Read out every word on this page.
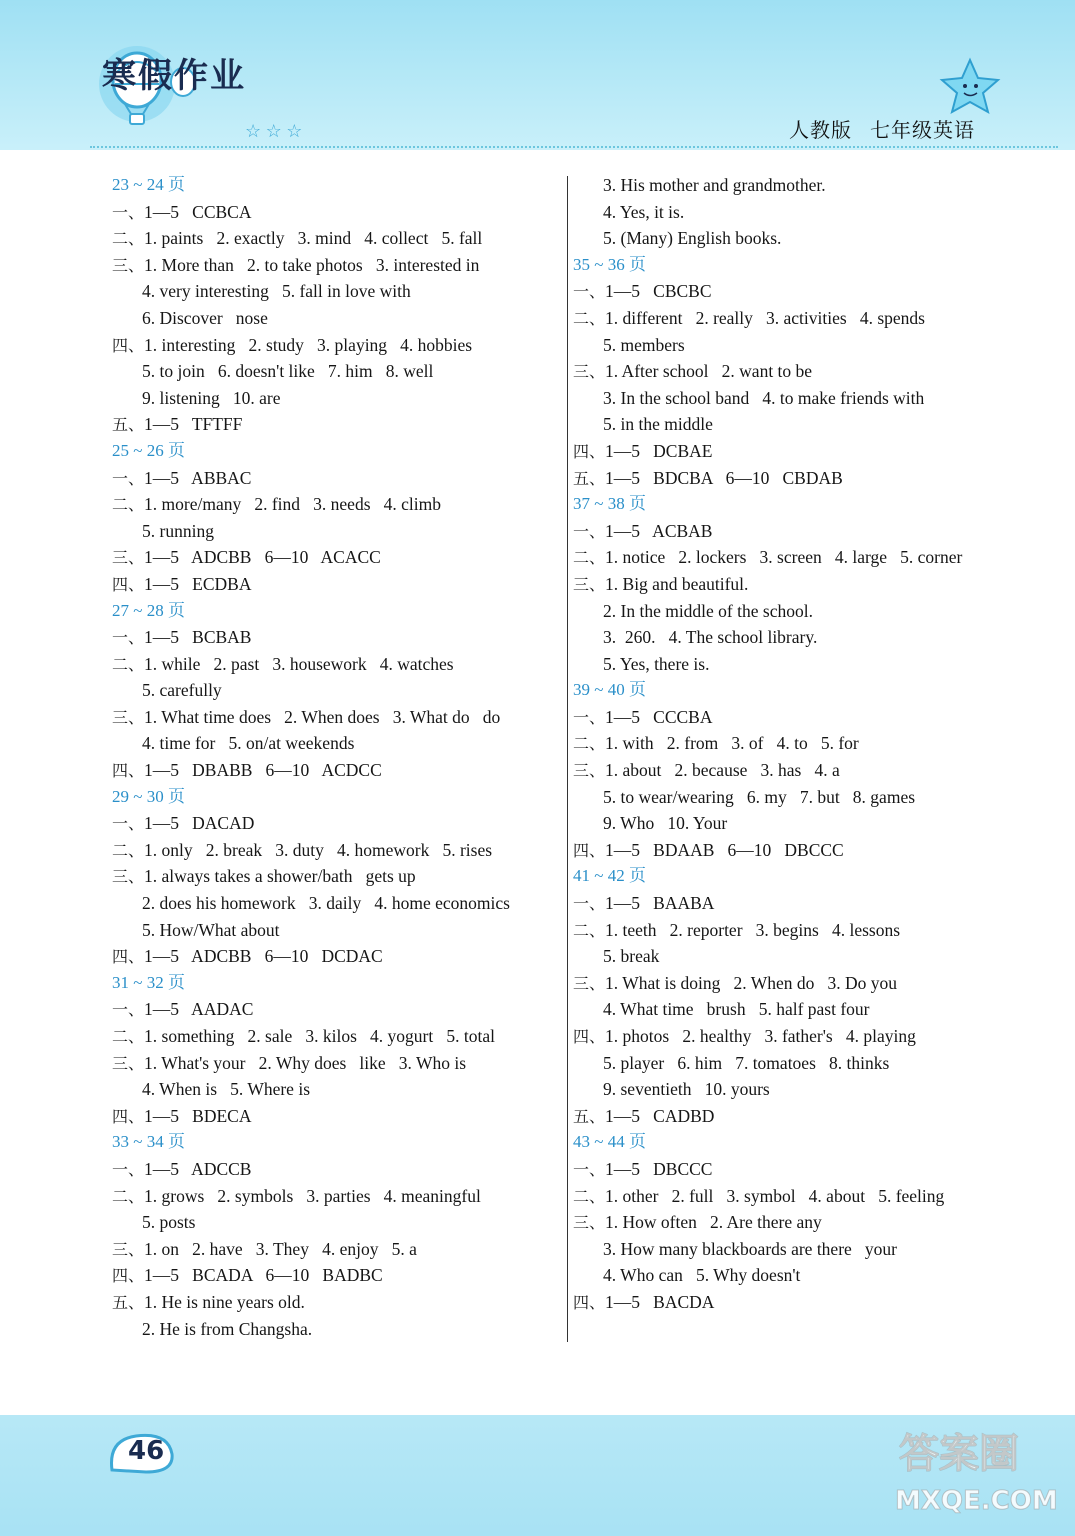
☆ ☆ ☆
寒假作业
人教版 七年级英语
23 ~ 24 页
一、1—5   CCBCA
二、1. paints   2. exactly   3. mind   4. collect   5. fall
三、1. More than   2. to take photos   3. interested in
4. very interesting   5. fall in love with
6. Discover   nose
四、1. interesting   2. study   3. playing   4. hobbies
5. to join   6. doesn't like   7. him   8. well
9. listening   10. are
五、1—5   TFTFF
25 ~ 26 页
一、1—5   ABBAC
二、1. more/many   2. find   3. needs   4. climb
5. running
三、1—5   ADCBB   6—10   ACACC
四、1—5   ECDBA
27 ~ 28 页
一、1—5   BCBAB
二、1. while   2. past   3. housework   4. watches
5. carefully
三、1. What time does   2. When does   3. What do   do
4. time for   5. on/at weekends
四、1—5   DBABB   6—10   ACDCC
29 ~ 30 页
一、1—5   DACAD
二、1. only   2. break   3. duty   4. homework   5. rises
三、1. always takes a shower/bath   gets up
2. does his homework   3. daily   4. home economics
5. How/What about
四、1—5   ADCBB   6—10   DCDAC
31 ~ 32 页
一、1—5   AADAC
二、1. something   2. sale   3. kilos   4. yogurt   5. total
三、1. What's your   2. Why does   like   3. Who is
4. When is   5. Where is
四、1—5   BDECA
33 ~ 34 页
一、1—5   ADCCB
二、1. grows   2. symbols   3. parties   4. meaningful
5. posts
三、1. on   2. have   3. They   4. enjoy   5. a
四、1—5   BCADA   6—10   BADBC
五、1. He is nine years old.
2. He is from Changsha.
3. His mother and grandmother.
4. Yes, it is.
5. (Many) English books.
35 ~ 36 页
一、1—5   CBCBC
二、1. different   2. really   3. activities   4. spends
5. members
三、1. After school   2. want to be
3. In the school band   4. to make friends with
5. in the middle
四、1—5   DCBAE
五、1—5   BDCBA   6—10   CBDAB
37 ~ 38 页
一、1—5   ACBAB
二、1. notice   2. lockers   3. screen   4. large   5. corner
三、1. Big and beautiful.
2. In the middle of the school.
3.  260.   4. The school library.
5. Yes, there is.
39 ~ 40 页
一、1—5   CCCBA
二、1. with   2. from   3. of   4. to   5. for
三、1. about   2. because   3. has   4. a
5. to wear/wearing   6. my   7. but   8. games
9. Who   10. Your
四、1—5   BDAAB   6—10   DBCCC
41 ~ 42 页
一、1—5   BAABA
二、1. teeth   2. reporter   3. begins   4. lessons
5. break
三、1. What is doing   2. When do   3. Do you
4. What time   brush   5. half past four
四、1. photos   2. healthy   3. father's   4. playing
5. player   6. him   7. tomatoes   8. thinks
9. seventieth   10. yours
五、1—5   CADBD
43 ~ 44 页
一、1—5   DBCCC
二、1. other   2. full   3. symbol   4. about   5. feeling
三、1. How often   2. Are there any
3. How many blackboards are there   your
4. Who can   5. Why doesn't
四、1—5   BACDA
46	答案圈
MXQE.COM
